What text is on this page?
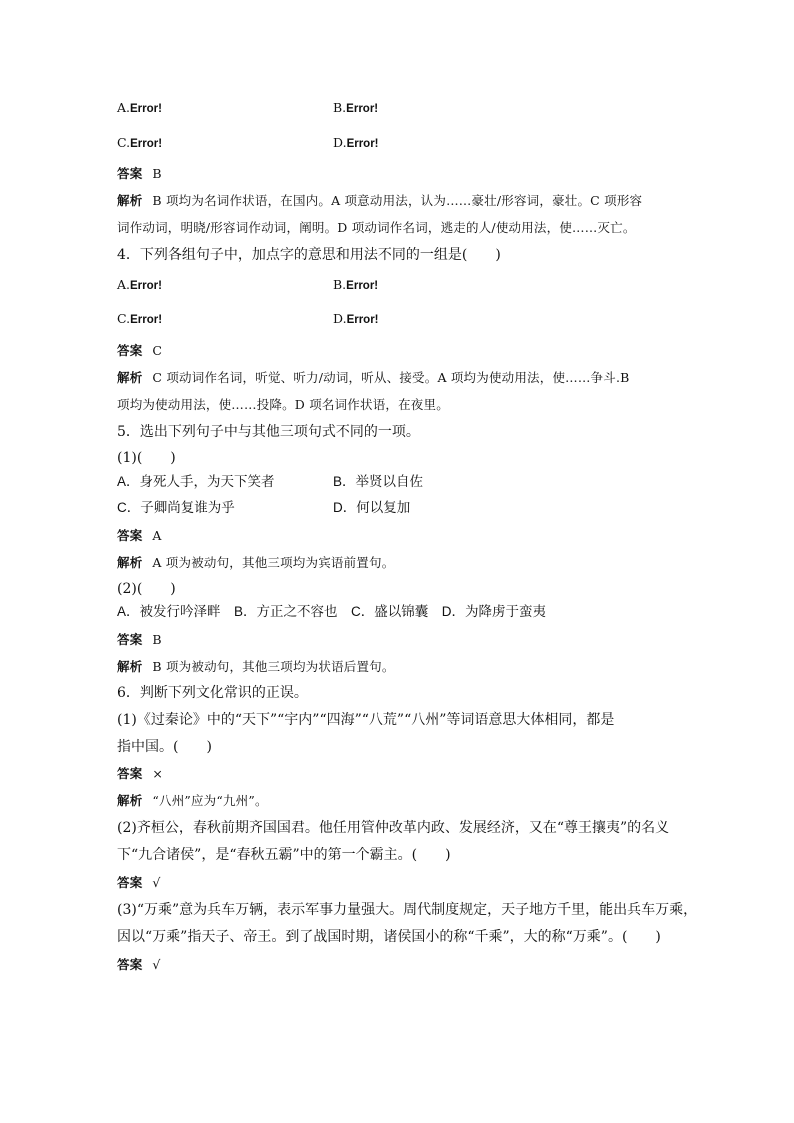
A.Error!	B.Error!
C.Error!	D.Error!
答案 B
解析 B 项均为名词作状语，在国内。A 项意动用法，认为……豪壮/形容词，豪壮。C 项形容
词作动词，明晓/形容词作动词，阐明。D 项动词作名词，逃走的人/使动用法，使……灭亡。
4．下列各组句子中，加点字的意思和用法不同的一组是(　　)
A.Error!	B.Error!
C.Error!	D.Error!
答案 C
解析 C 项动词作名词，听觉、听力/动词，听从、接受。A 项均为使动用法，使……争斗.B
项均为使动用法，使……投降。D 项名词作状语，在夜里。
5．选出下列句子中与其他三项句式不同的一项。
(1)(　　)
A．身死人手，为天下笑者	B．举贤以自佐
C．子卿尚复谁为乎	D．何以复加
答案 A
解析 A 项为被动句，其他三项均为宾语前置句。
(2)(　　)
A．被发行吟泽畔　B．方正之不容也　C．盛以锦囊　D．为降虏于蛮夷
答案 B
解析 B 项为被动句，其他三项均为状语后置句。
6．判断下列文化常识的正误。
(1)《过秦论》中的“天下”“宇内”“四海”“八荒”“八州”等词语意思大体相同，都是
指中国。(　　)
答案 ×
解析 “八州”应为“九州”。
(2)齐桓公，春秋前期齐国国君。他任用管仲改革内政、发展经济，又在“尊王攘夷”的名义
下“九合诸侯”，是“春秋五霸”中的第一个霸主。(　　)
答案 √
(3)“万乘”意为兵车万辆，表示军事力量强大。周代制度规定，天子地方千里，能出兵车万乘，
因以“万乘”指天子、帝王。到了战国时期，诸侯国小的称“千乘”，大的称“万乘”。(　　)
答案 √
